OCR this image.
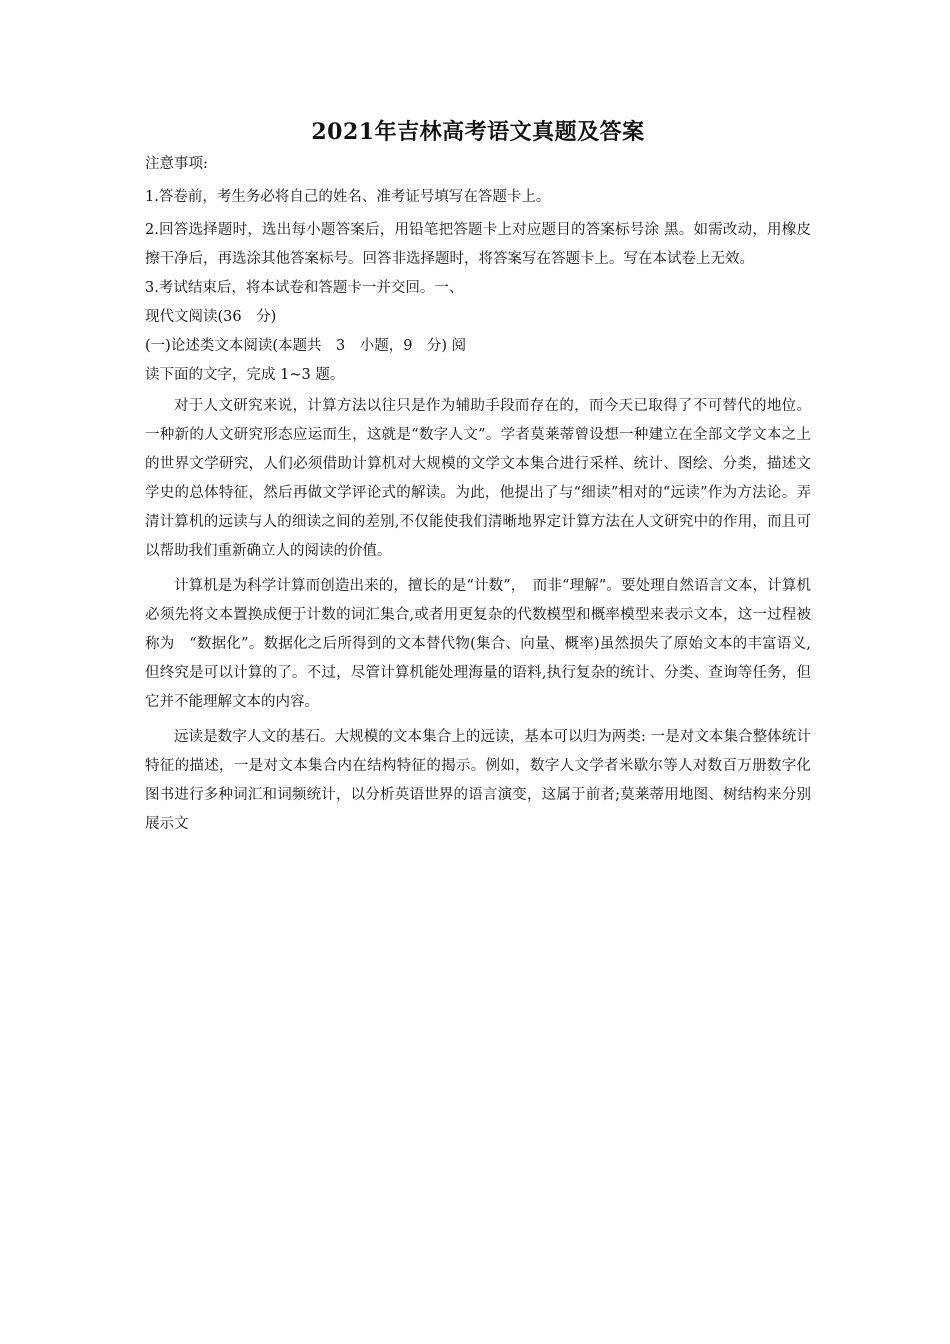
2021年吉林高考语文真题及答案
注意事项:
1.答卷前，考生务必将自己的姓名、准考证号填写在答题卡上。
2.回答选择题时，选出每小题答案后，用铅笔把答题卡上对应题目的答案标号涂 黑。如需改动，用橡皮擦干净后，再选涂其他答案标号。回答非选择题时，将答案写在答题卡上。写在本试卷上无效。
3.考试结束后，将本试卷和答题卡一并交回。一、
现代文阅读(36　分)
(一)论述类文本阅读(本题共　3　小题，9　分) 阅
读下面的文字，完成 1~3 题。
对于人文研究来说，计算方法以往只是作为辅助手段而存在的，而今天已取得了不可替代的地位。一种新的人文研究形态应运而生，这就是“数字人文”。学者莫莱蒂曾设想一种建立在全部文学文本之上的世界文学研究，人们必须借助计算机对大规模的文学文本集合进行采样、统计、图绘、分类，描述文学史的总体特征，然后再做文学评论式的解读。为此，他提出了与“细读”相对的“远读”作为方法论。弄清计算机的远读与人的细读之间的差别,不仅能使我们清晰地界定计算方法在人文研究中的作用，而且可以帮助我们重新确立人的阅读的价值。
计算机是为科学计算而创造出来的，擅长的是“计数”，　而非“理解”。要处理自然语言文本，计算机必须先将文本置换成便于计数的词汇集合,或者用更复杂的代数模型和概率模型来表示文本，这一过程被称为　“数据化”。数据化之后所得到的文本替代物(集合、向量、概率)虽然损失了原始文本的丰富语义,但终究是可以计算的了。不过，尽管计算机能处理海量的语料,执行复杂的统计、分类、查询等任务，但它并不能理解文本的内容。
远读是数字人文的基石。大规模的文本集合上的远读，基本可以归为两类: 一是对文本集合整体统计特征的描述，一是对文本集合内在结构特征的揭示。例如，数字人文学者米歇尔等人对数百万册数字化图书进行多种词汇和词频统计，以分析英语世界的语言演变，这属于前者;莫莱蒂用地图、树结构来分别展示文
